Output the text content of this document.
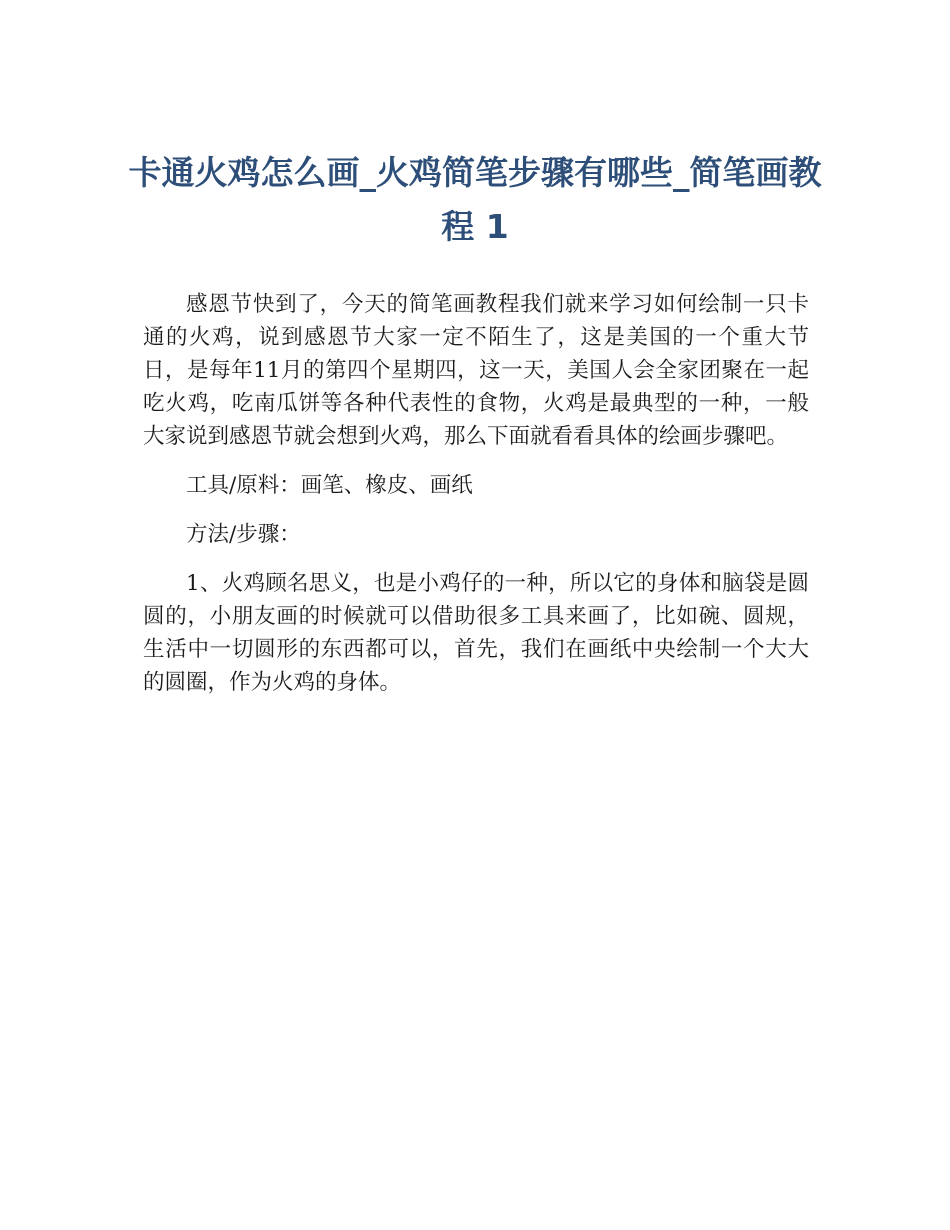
卡通火鸡怎么画_火鸡简笔步骤有哪些_简笔画教程 1

感恩节快到了，今天的简笔画教程我们就来学习如何绘制一只卡通的火鸡，说到感恩节大家一定不陌生了，这是美国的一个重大节日，是每年11月的第四个星期四，这一天，美国人会全家团聚在一起吃火鸡，吃南瓜饼等各种代表性的食物，火鸡是最典型的一种，一般大家说到感恩节就会想到火鸡，那么下面就看看具体的绘画步骤吧。

工具/原料：画笔、橡皮、画纸

方法/步骤：

1、火鸡顾名思义，也是小鸡仔的一种，所以它的身体和脑袋是圆圆的，小朋友画的时候就可以借助很多工具来画了，比如碗、圆规，生活中一切圆形的东西都可以，首先，我们在画纸中央绘制一个大大的圆圈，作为火鸡的身体。
